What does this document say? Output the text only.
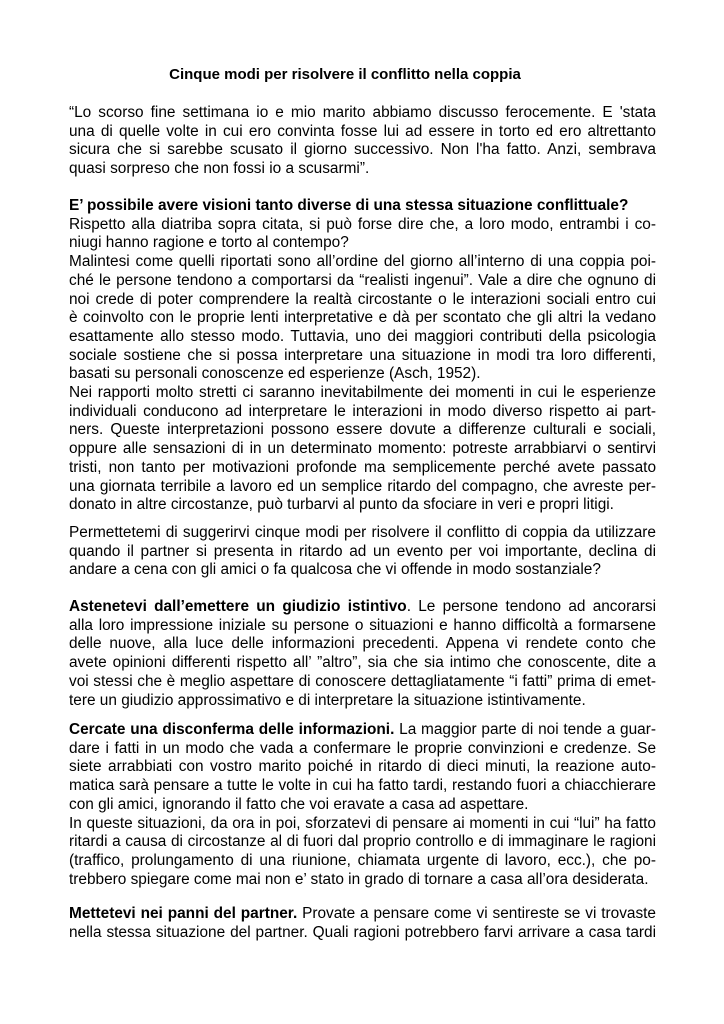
Cinque modi per risolvere il conflitto nella coppia
“Lo scorso fine settimana io e mio marito abbiamo discusso ferocemente. E 'stata
una di quelle volte in cui ero convinta fosse lui ad essere in torto ed ero altrettanto
sicura che si sarebbe scusato il giorno successivo. Non l'ha fatto. Anzi, sembrava
quasi sorpreso che non fossi io a scusarmi”.
E’ possibile avere visioni tanto diverse di una stessa situazione conflittuale?
Rispetto alla diatriba sopra citata, si può forse dire che, a loro modo, entrambi i co-
niugi hanno ragione e torto al contempo?
Malintesi come quelli riportati sono all’ordine del giorno all’interno di una coppia poi-
ché le persone tendono a comportarsi da “realisti ingenui”. Vale a dire che ognuno di
noi crede di poter comprendere la realtà circostante o le interazioni sociali entro cui
è coinvolto con le proprie lenti interpretative e dà per scontato che gli altri la vedano
esattamente allo stesso modo. Tuttavia, uno dei maggiori contributi della psicologia
sociale sostiene che si possa interpretare una situazione in modi tra loro differenti,
basati su personali conoscenze ed esperienze (Asch, 1952).
Nei rapporti molto stretti ci saranno inevitabilmente dei momenti in cui le esperienze
individuali conducono ad interpretare le interazioni in modo diverso rispetto ai part-
ners. Queste interpretazioni possono essere dovute a differenze culturali e sociali,
oppure alle sensazioni di in un determinato momento: potreste arrabbiarvi o sentirvi
tristi, non tanto per motivazioni profonde ma semplicemente perché avete passato
una giornata terribile a lavoro ed un semplice ritardo del compagno, che avreste per-
donato in altre circostanze, può turbarvi al punto da sfociare in veri e propri litigi.
Permettetemi di suggerirvi cinque modi per risolvere il conflitto di coppia da utilizzare
quando il partner si presenta in ritardo ad un evento per voi importante, declina di
andare a cena con gli amici o fa qualcosa che vi offende in modo sostanziale?
Astenetevi dall’emettere un giudizio istintivo. Le persone tendono ad ancorarsi
alla loro impressione iniziale su persone o situazioni e hanno difficoltà a formarsene
delle nuove, alla luce delle informazioni precedenti. Appena vi rendete conto che
avete opinioni differenti rispetto all’ ”altro”, sia che sia intimo che conoscente, dite a
voi stessi che è meglio aspettare di conoscere dettagliatamente “i fatti” prima di emet-
tere un giudizio approssimativo e di interpretare la situazione istintivamente.
Cercate una disconferma delle informazioni. La maggior parte di noi tende a guar-
dare i fatti in un modo che vada a confermare le proprie convinzioni e credenze. Se
siete arrabbiati con vostro marito poiché in ritardo di dieci minuti, la reazione auto-
matica sarà pensare a tutte le volte in cui ha fatto tardi, restando fuori a chiacchierare
con gli amici, ignorando il fatto che voi eravate a casa ad aspettare.
In queste situazioni, da ora in poi, sforzatevi di pensare ai momenti in cui “lui” ha fatto
ritardi a causa di circostanze al di fuori dal proprio controllo e di immaginare le ragioni
(traffico, prolungamento di una riunione, chiamata urgente di lavoro, ecc.), che po-
trebbero spiegare come mai non e’ stato in grado di tornare a casa all’ora desiderata.
Mettetevi nei panni del partner. Provate a pensare come vi sentireste se vi trovaste
nella stessa situazione del partner. Quali ragioni potrebbero farvi arrivare a casa tardi
